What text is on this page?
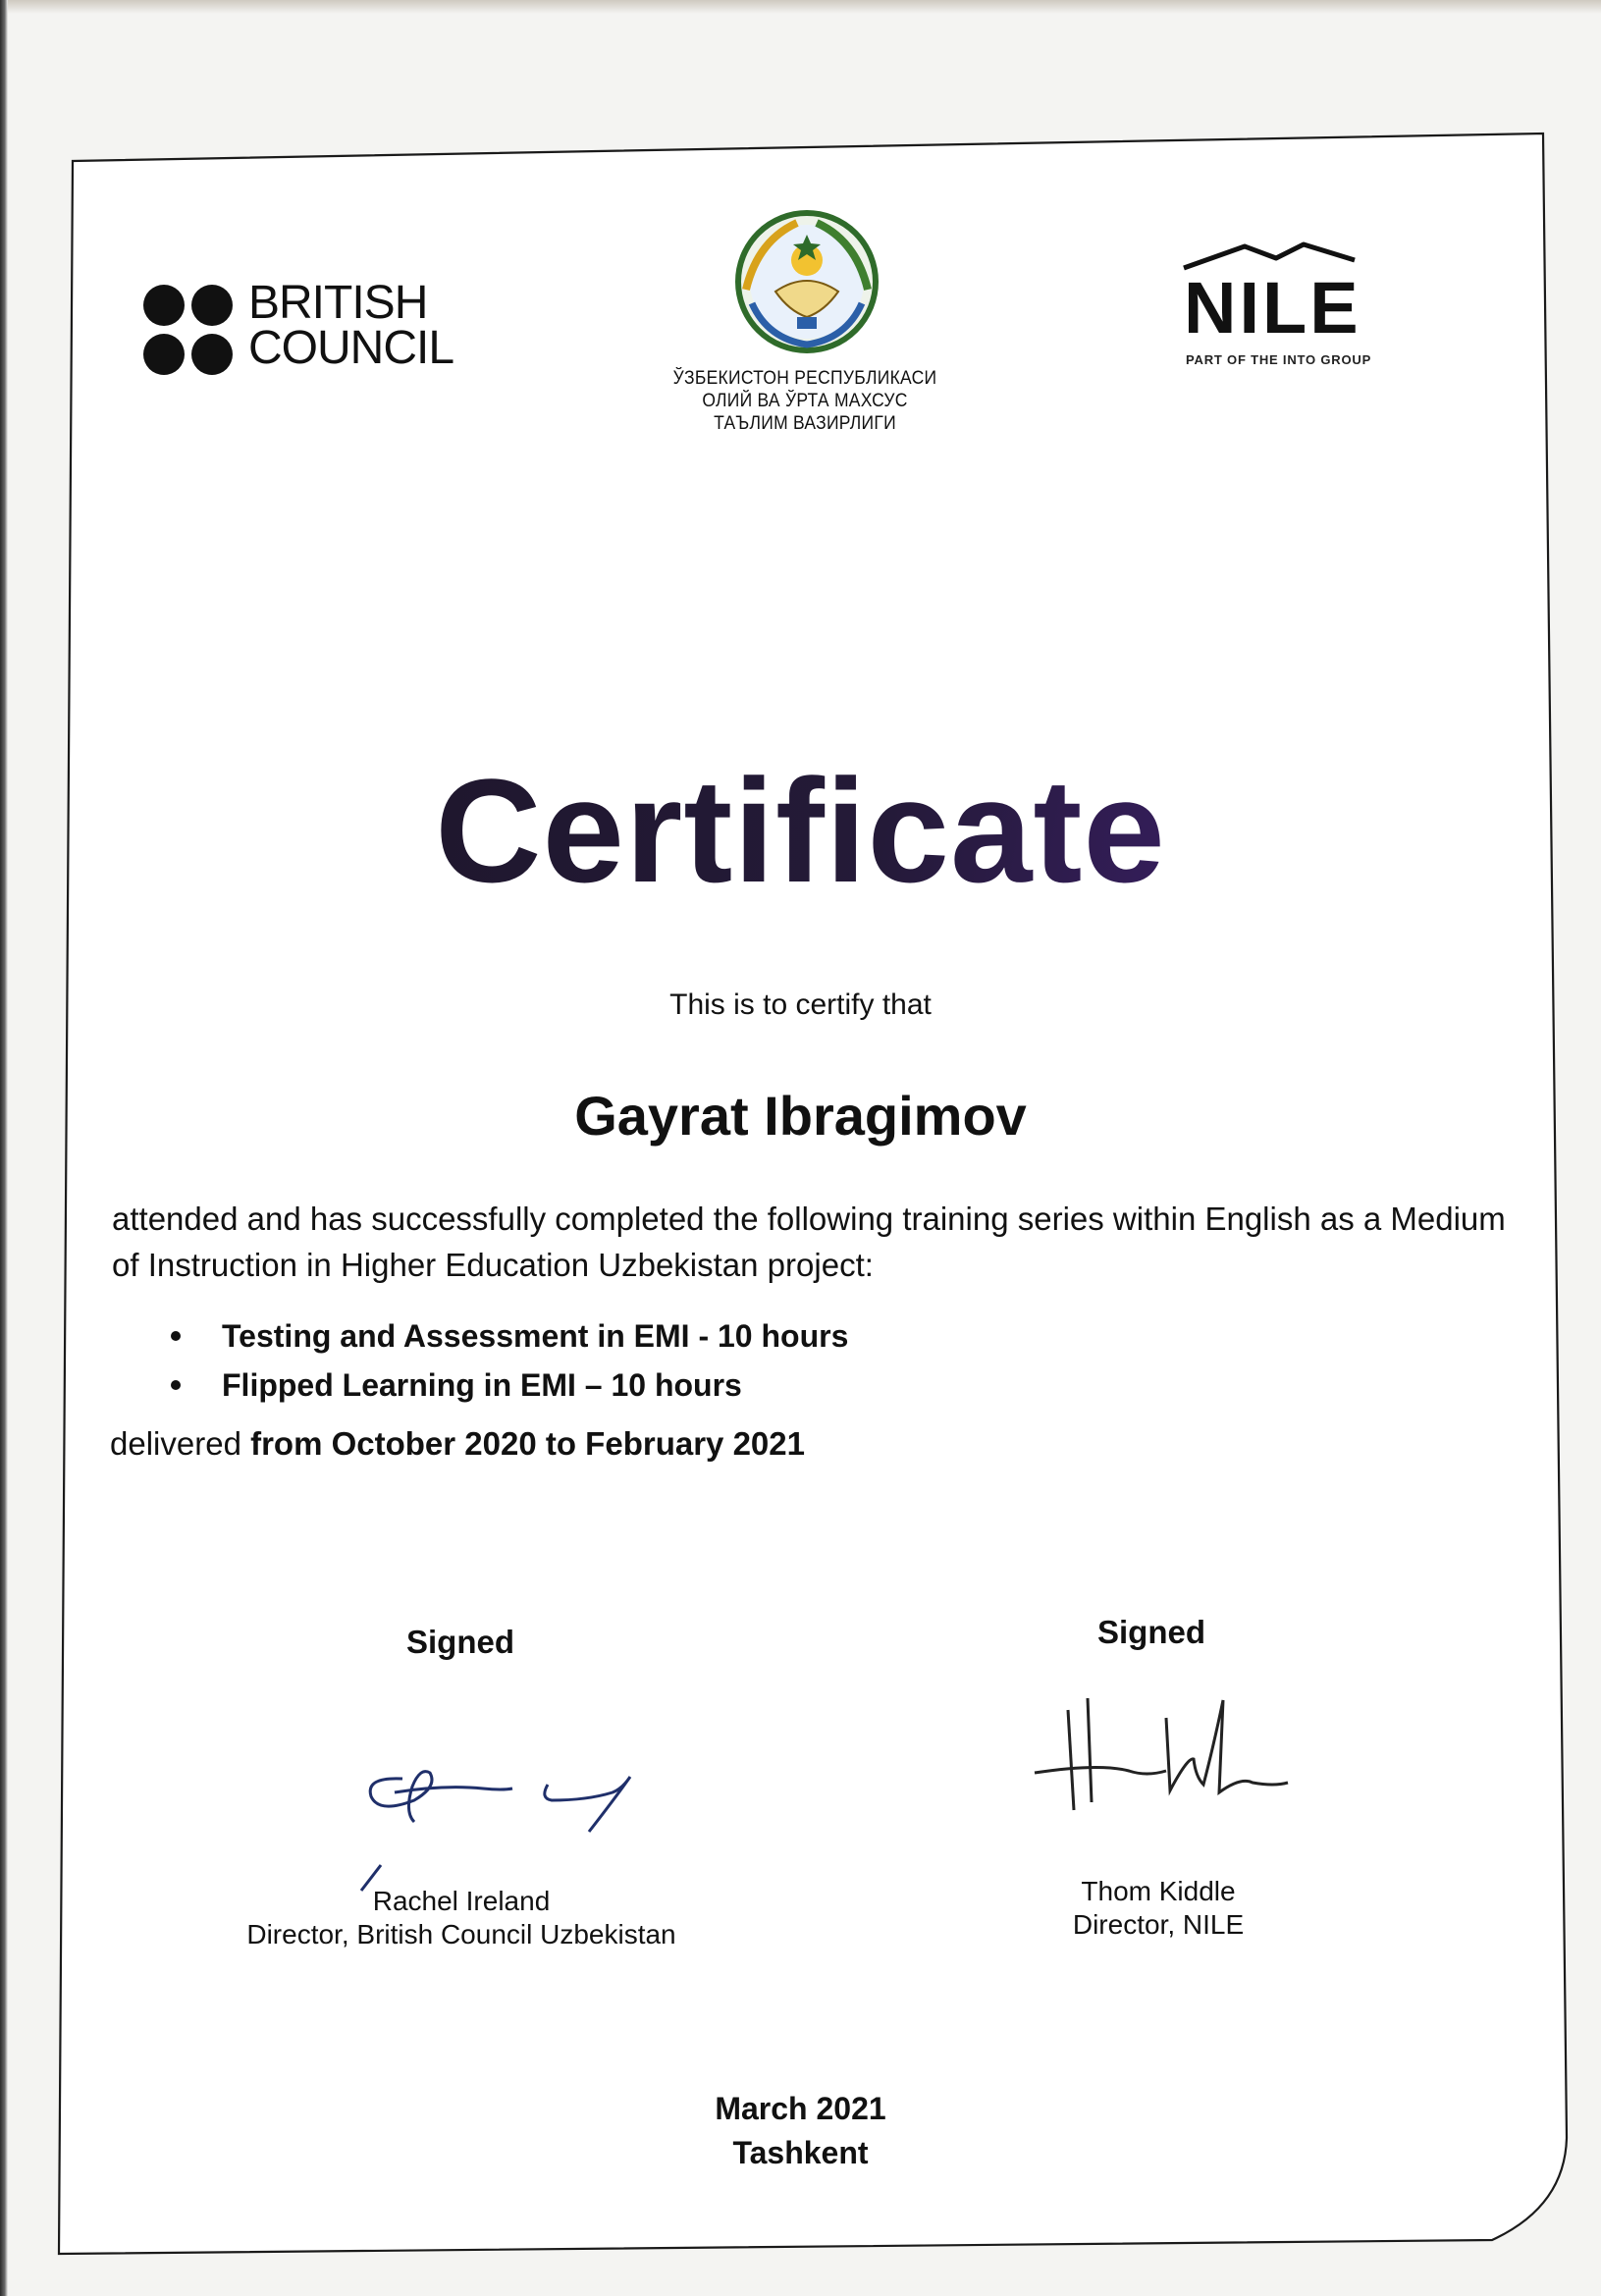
BRITISH
COUNCIL
ЎЗБЕКИСТОН РЕСПУБЛИКАСИ
ОЛИЙ ВА ЎРТА МАХСУС
ТАЪЛИМ ВАЗИРЛИГИ
NILE
PART OF THE INTO GROUP
Certificate
This is to certify that
Gayrat Ibragimov
attended and has successfully completed the following training series within English as a Medium
of Instruction in Higher Education Uzbekistan project:
Testing and Assessment in EMI - 10 hours
Flipped Learning in EMI – 10 hours
delivered from October 2020 to February 2021
Signed	Signed
Rachel Ireland
Director, British Council Uzbekistan
Thom Kiddle
Director, NILE
March 2021
Tashkent
